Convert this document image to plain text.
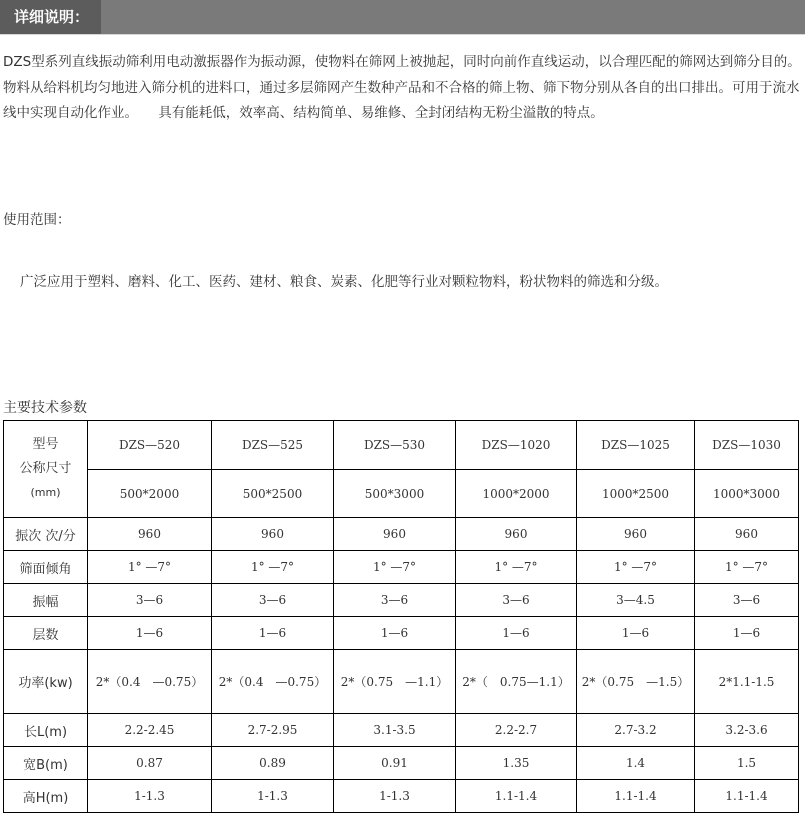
详细说明：

DZS型系列直线振动筛利用电动激振器作为振动源，使物料在筛网上被抛起，同时向前作直线运动，以合理匹配的筛网达到筛分目的。物料从给料机均匀地进入筛分机的进料口，通过多层筛网产生数种产品和不合格的筛上物、筛下物分别从各自的出口排出。可用于流水线中实现自动化作业。　　具有能耗低，效率高、结构简单、易维修、全封闭结构无粉尘溢散的特点。

使用范围：

广泛应用于塑料、磨料、化工、医药、建材、粮食、炭素、化肥等行业对颗粒物料，粉状物料的筛选和分级。

主要技术参数

型号
公称尺寸
(mm)	DZS—520	DZS—525	DZS—530	DZS—1020	DZS—1025	DZS—1030
	500*2000	500*2500	500*3000	1000*2000	1000*2500	1000*3000
振次 次/分	960	960	960	960	960	960
筛面倾角	1° —7°	1° —7°	1° —7°	1° —7°	1° —7°	1° —7°
振幅	3—6	3—6	3—6	3—6	3—4.5	3—6
层数	1—6	1—6	1—6	1—6	1—6	1—6
功率(kw)	2*（0.4　—0.75）	2*（0.4　—0.75）	2*（0.75　—1.1）	2*（　0.75—1.1）	2*（0.75　—1.5）	2*1.1-1.5
长L(m)	2.2-2.45	2.7-2.95	3.1-3.5	2.2-2.7	2.7-3.2	3.2-3.6
宽B(m)	0.87	0.89	0.91	1.35	1.4	1.5
高H(m)	1-1.3	1-1.3	1-1.3	1.1-1.4	1.1-1.4	1.1-1.4
